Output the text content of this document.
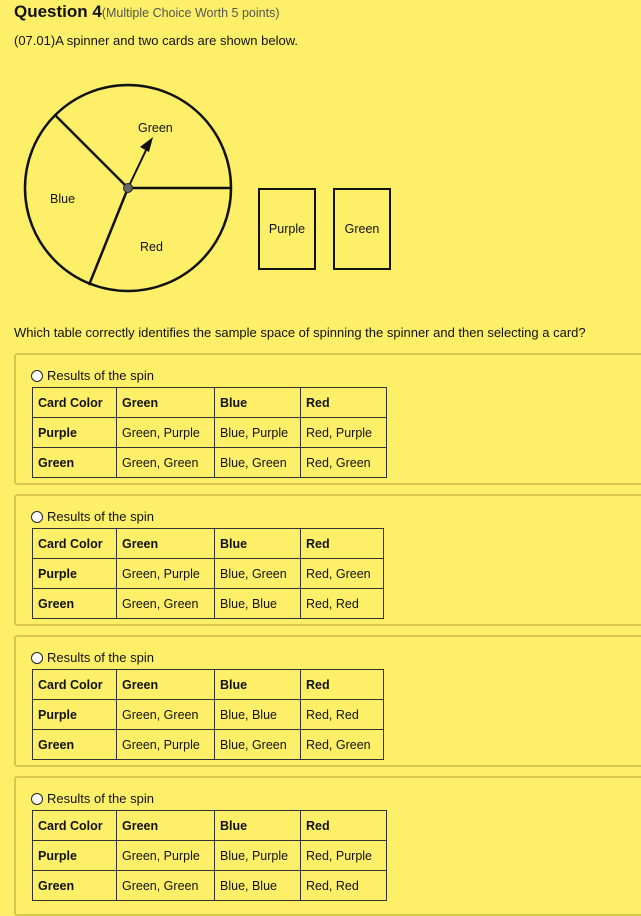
Question 4(Multiple Choice Worth 5 points)
(07.01)A spinner and two cards are shown below.
Green
Blue
Red
Purple	Green
Which table correctly identifies the sample space of spinning the spinner and then selecting a card?
Results of the spin
Card Color	Green	Blue	Red
Purple	Green, Purple	Blue, Purple	Red, Purple
Green	Green, Green	Blue, Green	Red, Green
Results of the spin
Card Color	Green	Blue	Red
Purple	Green, Purple	Blue, Green	Red, Green
Green	Green, Green	Blue, Blue	Red, Red
Results of the spin
Card Color	Green	Blue	Red
Purple	Green, Green	Blue, Blue	Red, Red
Green	Green, Purple	Blue, Green	Red, Green
Results of the spin
Card Color	Green	Blue	Red
Purple	Green, Purple	Blue, Purple	Red, Purple
Green	Green, Green	Blue, Blue	Red, Red
